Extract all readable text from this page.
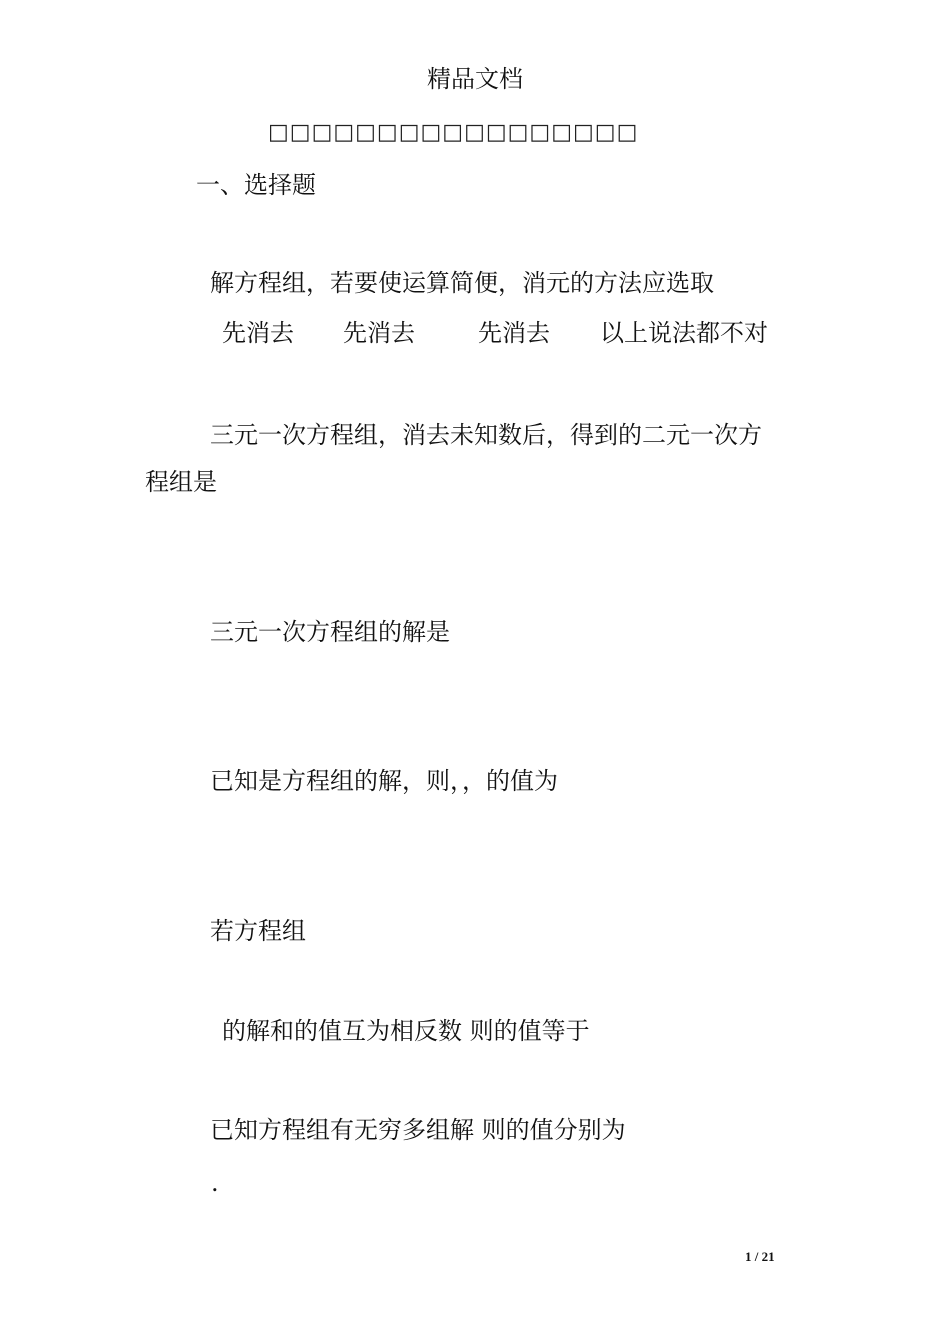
精品文档
□□□□□□□□□□□□□□□□□
一、选择题
解方程组，若要使运算简便，消元的方法应选取
先消去 先消去	先消去 以上说法都不对
三元一次方程组，消去未知数后，得到的二元一次方
程组是
三元一次方程组的解是
已知是方程组的解，则，，的值为
若方程组
的解和的值互为相反数 则的值等于
已知方程组有无穷多组解 则的值分别为
.
1 / 21
